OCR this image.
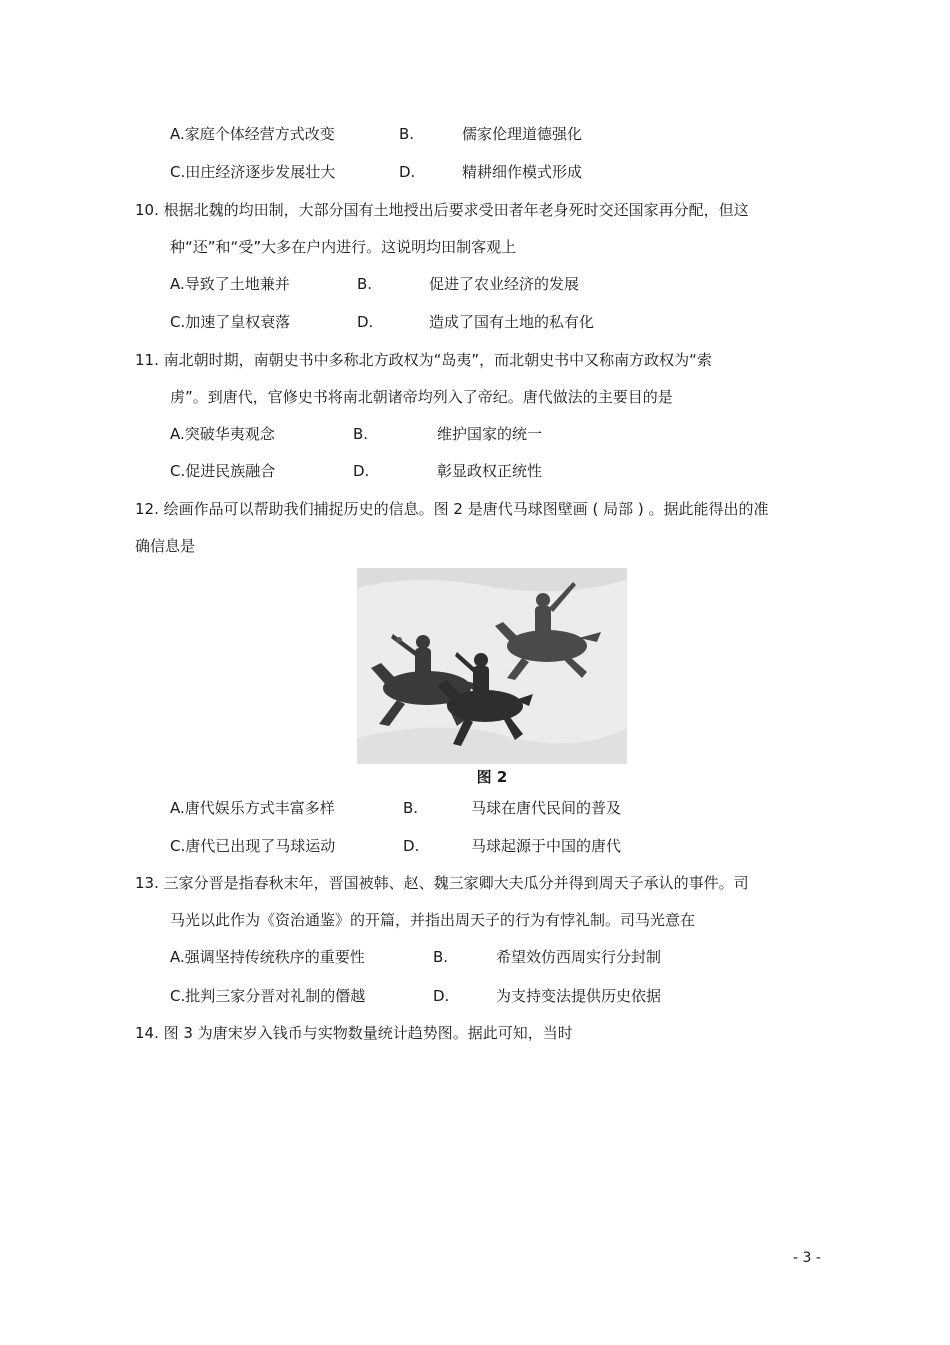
A.家庭个体经营方式改变	B.	儒家伦理道德强化
C.田庄经济逐步发展壮大	D.	精耕细作模式形成
10. 根据北魏的均田制，大部分国有土地授出后要求受田者年老身死时交还国家再分配，但这
种“还”和“受”大多在户内进行。这说明均田制客观上
A.导致了土地兼并	B.	促进了农业经济的发展
C.加速了皇权衰落	D.	造成了国有土地的私有化
11. 南北朝时期，南朝史书中多称北方政权为“岛夷”，而北朝史书中又称南方政权为“索
虏”。到唐代，官修史书将南北朝诸帝均列入了帝纪。唐代做法的主要目的是
A.突破华夷观念	B.	维护国家的统一
C.促进民族融合	D.	彰显政权正统性
12. 绘画作品可以帮助我们捕捉历史的信息。图 2 是唐代马球图壁画 ( 局部 ) 。据此能得出的准
确信息是
图 2
A.唐代娱乐方式丰富多样	B.	马球在唐代民间的普及
C.唐代已出现了马球运动	D.	马球起源于中国的唐代
13. 三家分晋是指春秋末年，晋国被韩、赵、魏三家卿大夫瓜分并得到周天子承认的事件。司
马光以此作为《资治通鉴》的开篇，并指出周天子的行为有悖礼制。司马光意在
A.强调坚持传统秩序的重要性	B.	希望效仿西周实行分封制
C.批判三家分晋对礼制的僭越	D.	为支持变法提供历史依据
14. 图 3 为唐宋岁入钱币与实物数量统计趋势图。据此可知，当时
- 3 -
